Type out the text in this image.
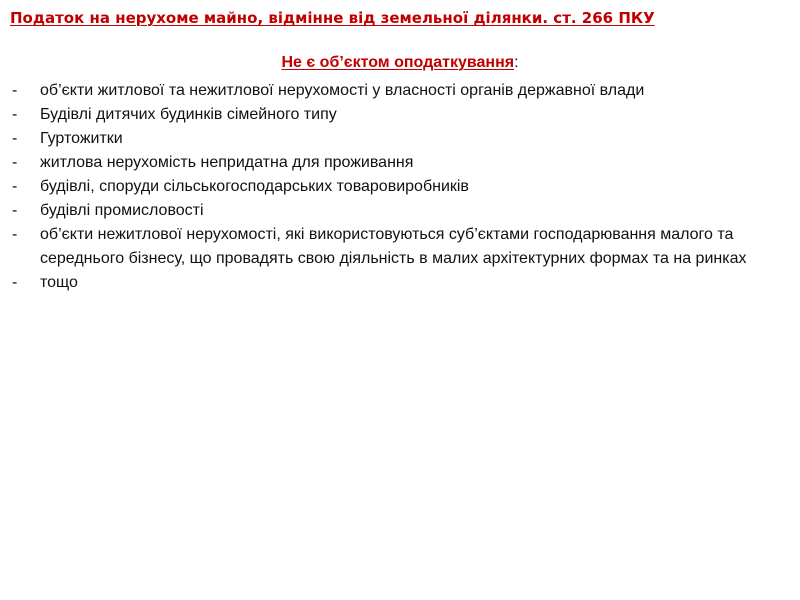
Податок на нерухоме майно, відмінне від земельної ділянки. ст. 266 ПКУ
Не є об’єктом оподаткування:
-	об’єкти житлової та нежитлової нерухомості у власності органів державної влади
-	Будівлі дитячих будинків сімейного типу
-	Гуртожитки
-	житлова нерухомість непридатна для проживання
-	будівлі, споруди сільськогосподарських товаровиробників
-	будівлі промисловості
-	об’єкти нежитлової нерухомості, які використовуються суб’єктами господарювання малого та середнього бізнесу, що провадять свою діяльність в малих архітектурних формах та на ринках
-	тощо
